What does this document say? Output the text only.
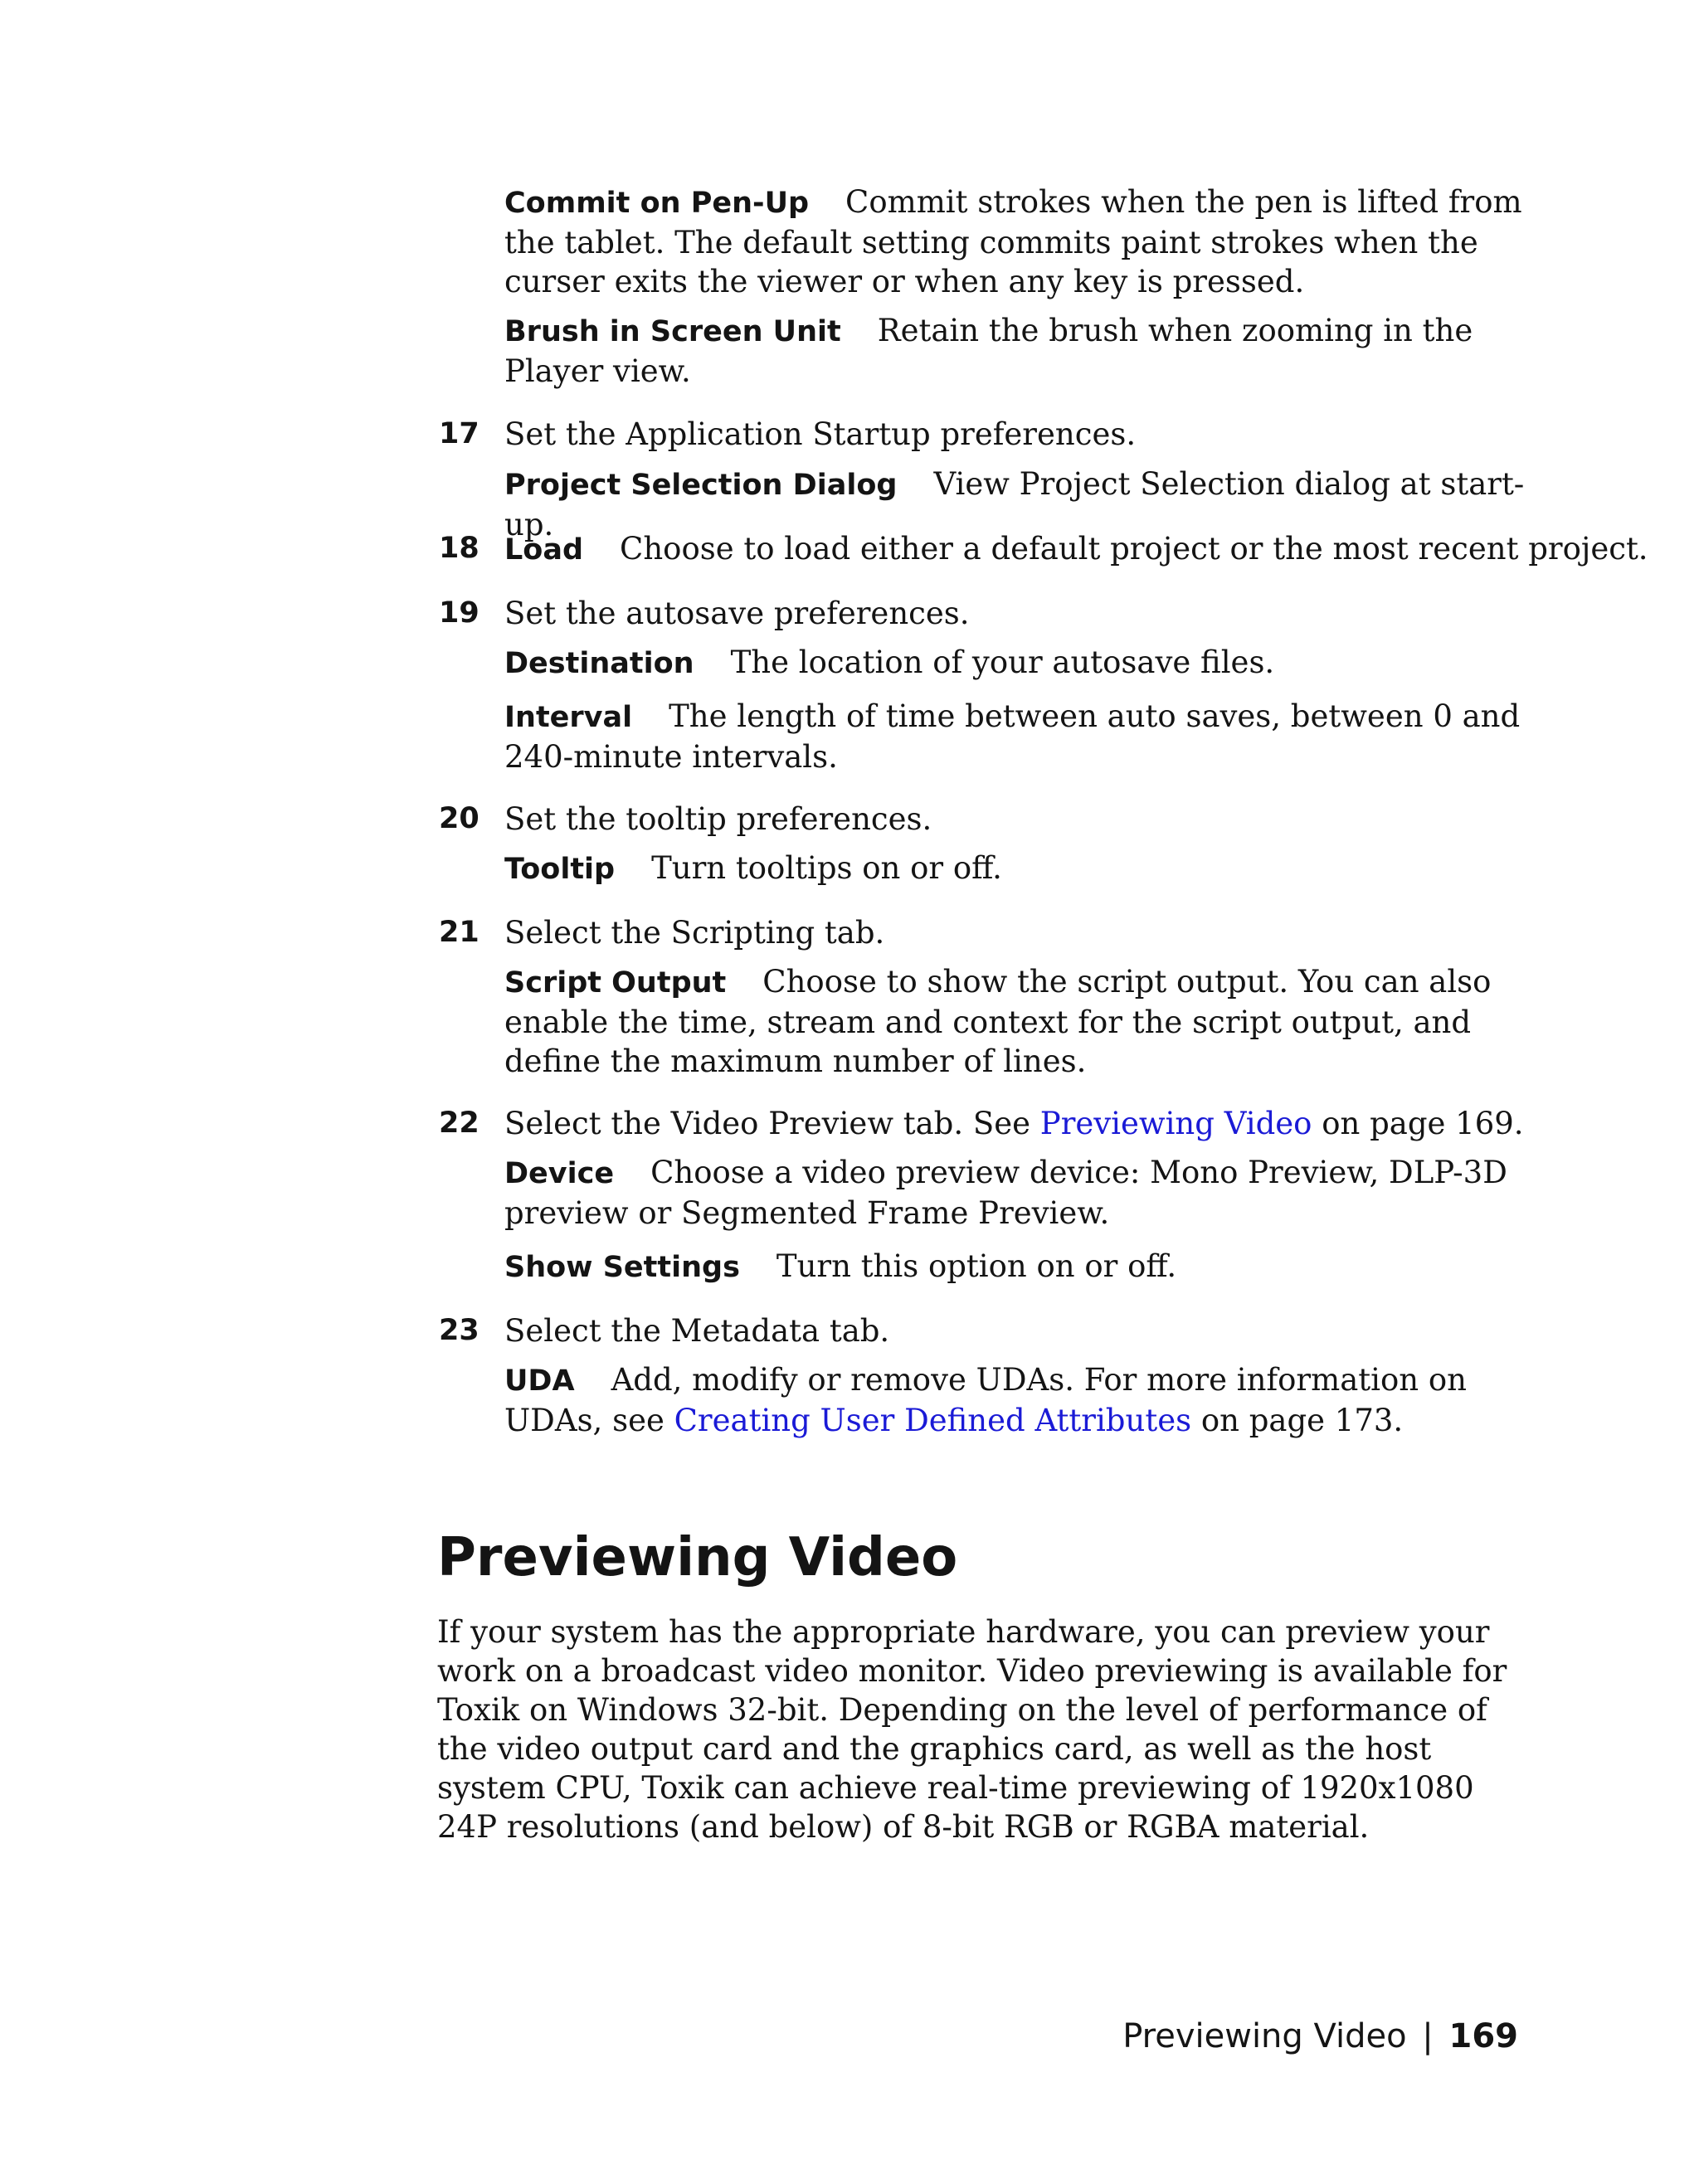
Commit on Pen-Up Commit strokes when the pen is lifted from the tablet. The default setting commits paint strokes when the curser exits the viewer or when any key is pressed.

Brush in Screen Unit Retain the brush when zooming in the Player view.

17 Set the Application Startup preferences.

Project Selection Dialog View Project Selection dialog at start-up.

18 Load Choose to load either a default project or the most recent project.
19 Set the autosave preferences.

Destination The location of your autosave files.

Interval The length of time between auto saves, between 0 and 240-minute intervals.

20 Set the tooltip preferences.

Tooltip Turn tooltips on or off.

21 Select the Scripting tab.

Script Output Choose to show the script output. You can also enable the time, stream and context for the script output, and define the maximum number of lines.

22 Select the Video Preview tab. See Previewing Video on page 169.

Device Choose a video preview device: Mono Preview, DLP-3D preview or Segmented Frame Preview.

Show Settings Turn this option on or off.

23 Select the Metadata tab.

UDA Add, modify or remove UDAs. For more information on UDAs, see Creating User Defined Attributes on page 173.

Previewing Video

If your system has the appropriate hardware, you can preview your work on a broadcast video monitor. Video previewing is available for Toxik on Windows 32-bit. Depending on the level of performance of the video output card and the graphics card, as well as the host system CPU, Toxik can achieve real-time previewing of 1920x1080 24P resolutions (and below) of 8-bit RGB or RGBA material.

Previewing Video | 169
